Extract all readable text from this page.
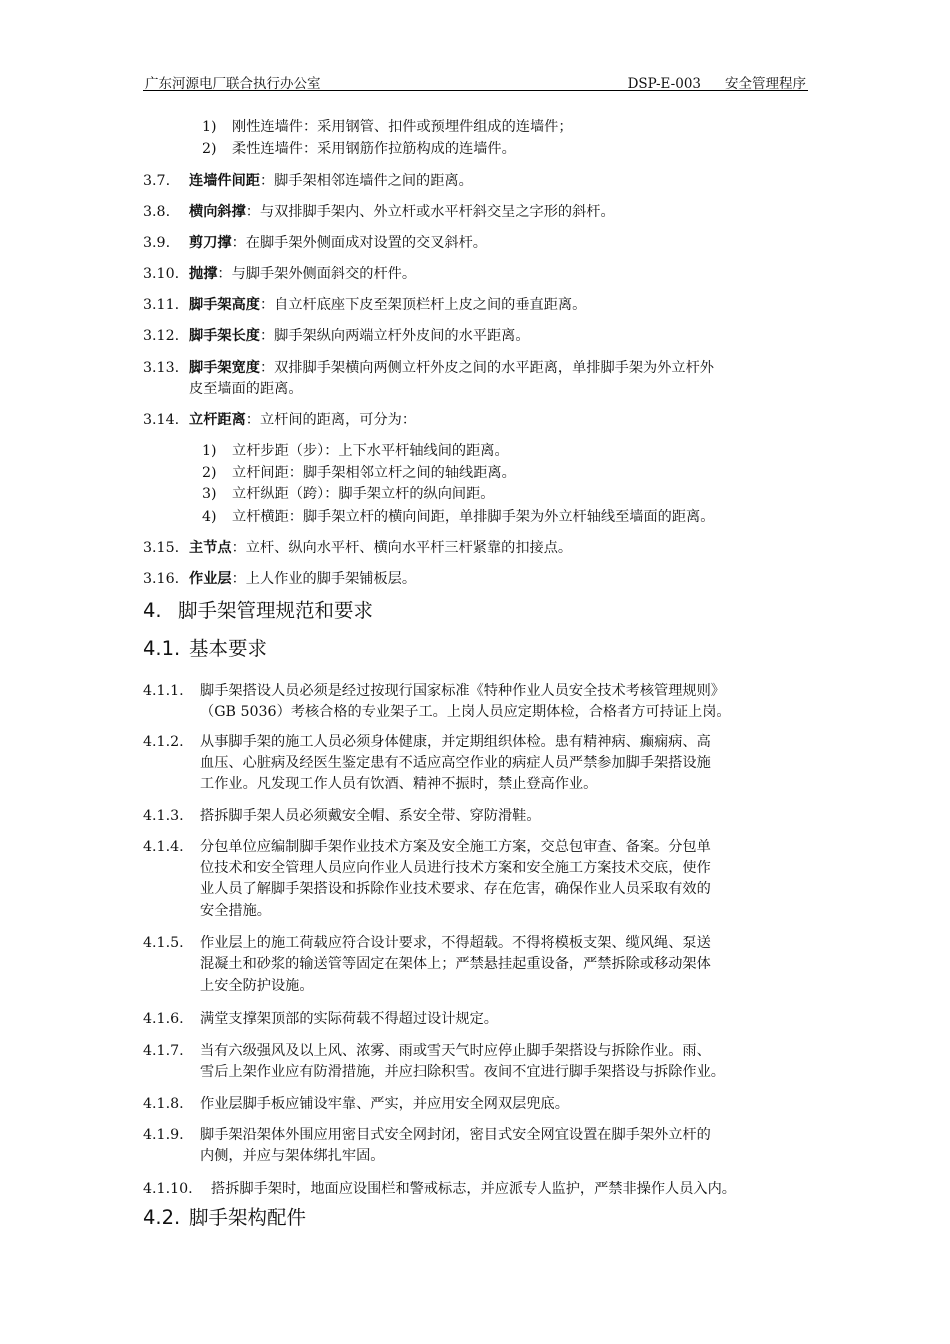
广东河源电厂联合执行办公室	DSP-E-003 安全管理程序
1) 刚性连墙件：采用钢管、扣件或预埋件组成的连墙件；
2) 柔性连墙件：采用钢筋作拉筋构成的连墙件。
3.7. 连墙件间距：脚手架相邻连墙件之间的距离。
3.8. 横向斜撑：与双排脚手架内、外立杆或水平杆斜交呈之字形的斜杆。
3.9. 剪刀撑：在脚手架外侧面成对设置的交叉斜杆。
3.10. 抛撑：与脚手架外侧面斜交的杆件。
3.11. 脚手架高度：自立杆底座下皮至架顶栏杆上皮之间的垂直距离。
3.12. 脚手架长度：脚手架纵向两端立杆外皮间的水平距离。
3.13. 脚手架宽度：双排脚手架横向两侧立杆外皮之间的水平距离，单排脚手架为外立杆外
皮至墙面的距离。
3.14. 立杆距离：立杆间的距离，可分为：
1) 立杆步距（步）：上下水平杆轴线间的距离。
2) 立杆间距：脚手架相邻立杆之间的轴线距离。
3) 立杆纵距（跨）：脚手架立杆的纵向间距。
4) 立杆横距：脚手架立杆的横向间距，单排脚手架为外立杆轴线至墙面的距离。
3.15. 主节点：立杆、纵向水平杆、横向水平杆三杆紧靠的扣接点。
3.16. 作业层：上人作业的脚手架铺板层。
4. 脚手架管理规范和要求
4.1. 基本要求
4.1.1. 脚手架搭设人员必须是经过按现行国家标准《特种作业人员安全技术考核管理规则》
（GB 5036）考核合格的专业架子工。上岗人员应定期体检，合格者方可持证上岗。
4.1.2. 从事脚手架的施工人员必须身体健康，并定期组织体检。患有精神病、癫痫病、高
血压、心脏病及经医生鉴定患有不适应高空作业的病症人员严禁参加脚手架搭设施
工作业。凡发现工作人员有饮酒、精神不振时，禁止登高作业。
4.1.3. 搭拆脚手架人员必须戴安全帽、系安全带、穿防滑鞋。
4.1.4. 分包单位应编制脚手架作业技术方案及安全施工方案，交总包审查、备案。分包单
位技术和安全管理人员应向作业人员进行技术方案和安全施工方案技术交底，使作
业人员了解脚手架搭设和拆除作业技术要求、存在危害，确保作业人员采取有效的
安全措施。
4.1.5. 作业层上的施工荷载应符合设计要求，不得超载。不得将模板支架、缆风绳、泵送
混凝土和砂浆的输送管等固定在架体上；严禁悬挂起重设备，严禁拆除或移动架体
上安全防护设施。
4.1.6. 满堂支撑架顶部的实际荷载不得超过设计规定。
4.1.7. 当有六级强风及以上风、浓雾、雨或雪天气时应停止脚手架搭设与拆除作业。雨、
雪后上架作业应有防滑措施，并应扫除积雪。夜间不宜进行脚手架搭设与拆除作业。
4.1.8. 作业层脚手板应铺设牢靠、严实，并应用安全网双层兜底。
4.1.9. 脚手架沿架体外围应用密目式安全网封闭，密目式安全网宜设置在脚手架外立杆的
内侧，并应与架体绑扎牢固。
4.1.10. 搭拆脚手架时，地面应设围栏和警戒标志，并应派专人监护，严禁非操作人员入内。
4.2. 脚手架构配件
